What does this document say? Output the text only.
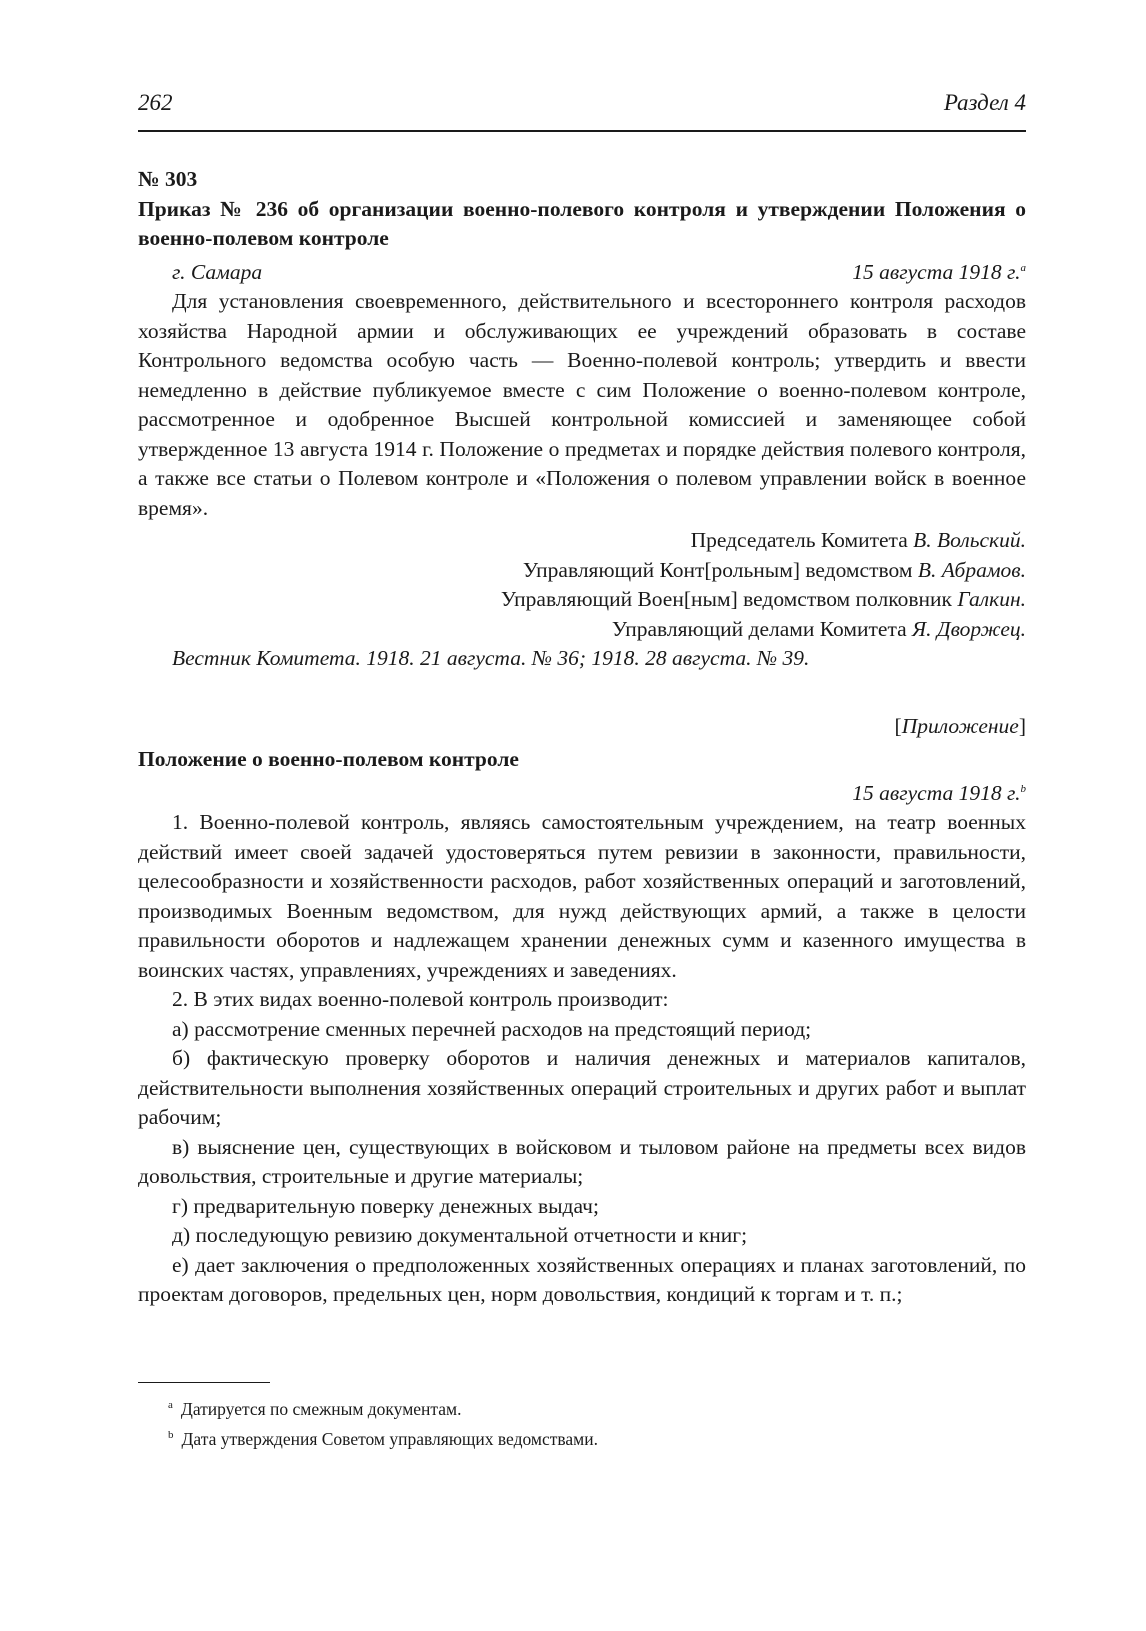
262	Раздел 4

№ 303

Приказ № 236 об организации военно-полевого контроля и утверждении Положения о военно-полевом контроле

г. Самара	15 августа 1918 г.$^a$

Для установления своевременного, действительного и всестороннего контроля расходов хозяйства Народной армии и обслуживающих ее учреждений образовать в составе Контрольного ведомства особую часть — Военно-полевой контроль; утвердить и ввести немедленно в действие публикуемое вместе с сим Положение о военно-полевом контроле, рассмотренное и одобренное Высшей контрольной комиссией и заменяющее собой утвержденное 13 августа 1914 г. Положение о предметах и порядке действия полевого контроля, а также все статьи о Полевом контроле и «Положения о полевом управлении войск в военное время».

Председатель Комитета В. Вольский.
Управляющий Конт[рольным] ведомством В. Абрамов.
Управляющий Воен[ным] ведомством полковник Галкин.
Управляющий делами Комитета Я. Дворжец.

Вестник Комитета. 1918. 21 августа. № 36; 1918. 28 августа. № 39.

[Приложение]

Положение о военно-полевом контроле

15 августа 1918 г.$^b$

1. Военно-полевой контроль, являясь самостоятельным учреждением, на театр военных действий имеет своей задачей удостоверяться путем ревизии в законности, правильности, целесообразности и хозяйственности расходов, работ хозяйственных операций и заготовлений, производимых Военным ведомством, для нужд действующих армий, а также в целости правильности оборотов и надлежащем хранении денежных сумм и казенного имущества в воинских частях, управлениях, учреждениях и заведениях.

2. В этих видах военно-полевой контроль производит:

а) рассмотрение сменных перечней расходов на предстоящий период;

б) фактическую проверку оборотов и наличия денежных и материалов капиталов, действительности выполнения хозяйственных операций строительных и других работ и выплат рабочим;

в) выяснение цен, существующих в войсковом и тыловом районе на предметы всех видов довольствия, строительные и другие материалы;

г) предварительную поверку денежных выдач;

д) последующую ревизию документальной отчетности и книг;

е) дает заключения о предположенных хозяйственных операциях и планах заготовлений, по проектам договоров, предельных цен, норм довольствия, кондиций к торгам и т. п.;

$^a$ Датируется по смежным документам.
$^b$ Дата утверждения Советом управляющих ведомствами.
